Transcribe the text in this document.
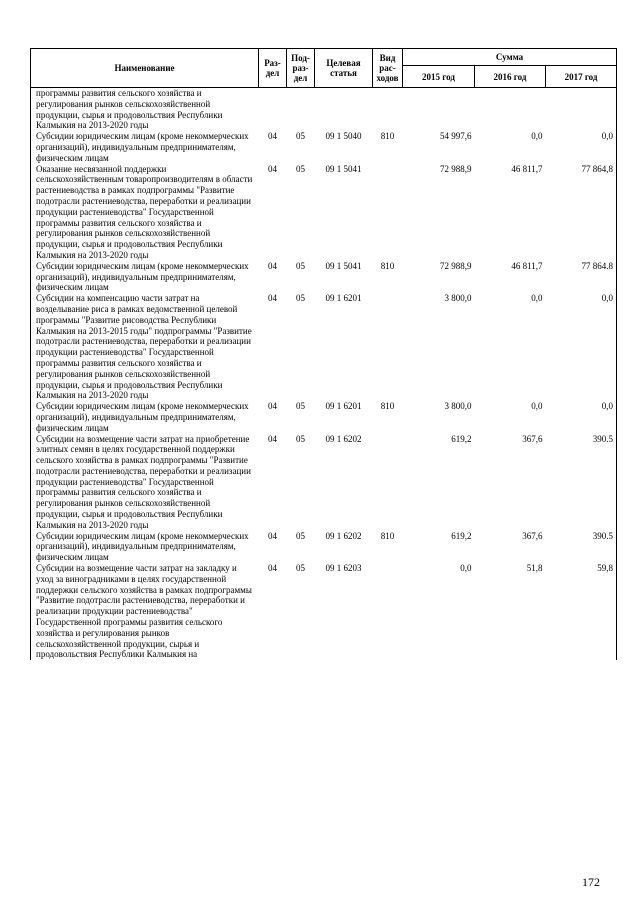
Наименование	Раз- дел	Под- раз- дел	Целевая статья	Вид рас- ходов	Сумма		
					2015 год	2016 год	2017 год
программы развития сельского хозяйства и регулирования рынков сельскохозяйственной продукции, сырья и продовольствия Республики Калмыкия на 2013-2020 годы							
Субсидии юридическим лицам (кроме некоммерческих организаций), индивидуальным предпринимателям, физическим лицам	04	05	09 1 5040	810	54 997,6	0,0	0,0
Оказание несвязанной поддержки сельскохозяйственным товаропроизводителям в области растениеводства в рамках подпрограммы "Развитие подотрасли растениеводства, переработки и реализации продукции растениеводства" Государственной программы развития сельского хозяйства и регулирования рынков сельскохозяйственной продукции, сырья и продовольствия Республики Калмыкия на 2013-2020 годы	04	05	09 1 5041		72 988,9	46 811,7	77 864,8
Субсидии юридическим лицам (кроме некоммерческих организаций), индивидуальным предпринимателям, физическим лицам	04	05	09 1 5041	810	72 988,9	46 811,7	77 864.8
Субсидии на компенсацию части затрат на возделывание риса в рамках ведомственной целевой программы "Развитие рисоводства Республики Калмыкия на 2013-2015 годы" подпрограммы "Развитие подотрасли растениеводства, переработки и реализации продукции растениеводства" Государственной программы развития сельского хозяйства и регулирования рынков сельскохозяйственной продукции, сырья и продовольствия Республики Калмыкия на 2013-2020 годы	04	05	09 1 6201		3 800,0	0,0	0,0
Субсидии юридическим лицам (кроме некоммерческих организаций), индивидуальным предпринимателям, физическим лицам	04	05	09 1 6201	810	3 800,0	0,0	0,0
Субсидии на возмещение части затрат на приобретение элитных семян в целях государственной поддержки сельского хозяйства в рамках подпрограммы "Развитие подотрасли растениеводства, переработки и реализации продукции растениеводства" Государственной программы развития сельского хозяйства и регулирования рынков сельскохозяйственной продукции, сырья и продовольствия Республики Калмыкия на 2013-2020 годы	04	05	09 1 6202		619,2	367,6	390.5
Субсидии юридическим лицам (кроме некоммерческих организаций), индивидуальным предпринимателям, физическим лицам	04	05	09 1 6202	810	619,2	367,6	390.5
Субсидии на возмещение части затрат на закладку и уход за виноградниками в целях государственной поддержки сельского хозяйства в рамках подпрограммы "Развитие подотрасли растениеводства, переработки и реализации продукции растениеводства" Государственной программы развития сельского хозяйства и регулирования рынков сельскохозяйственной продукции, сырья и продовольствия Республики Калмыкия на	04	05	09 1 6203		0,0	51,8	59,8
172
